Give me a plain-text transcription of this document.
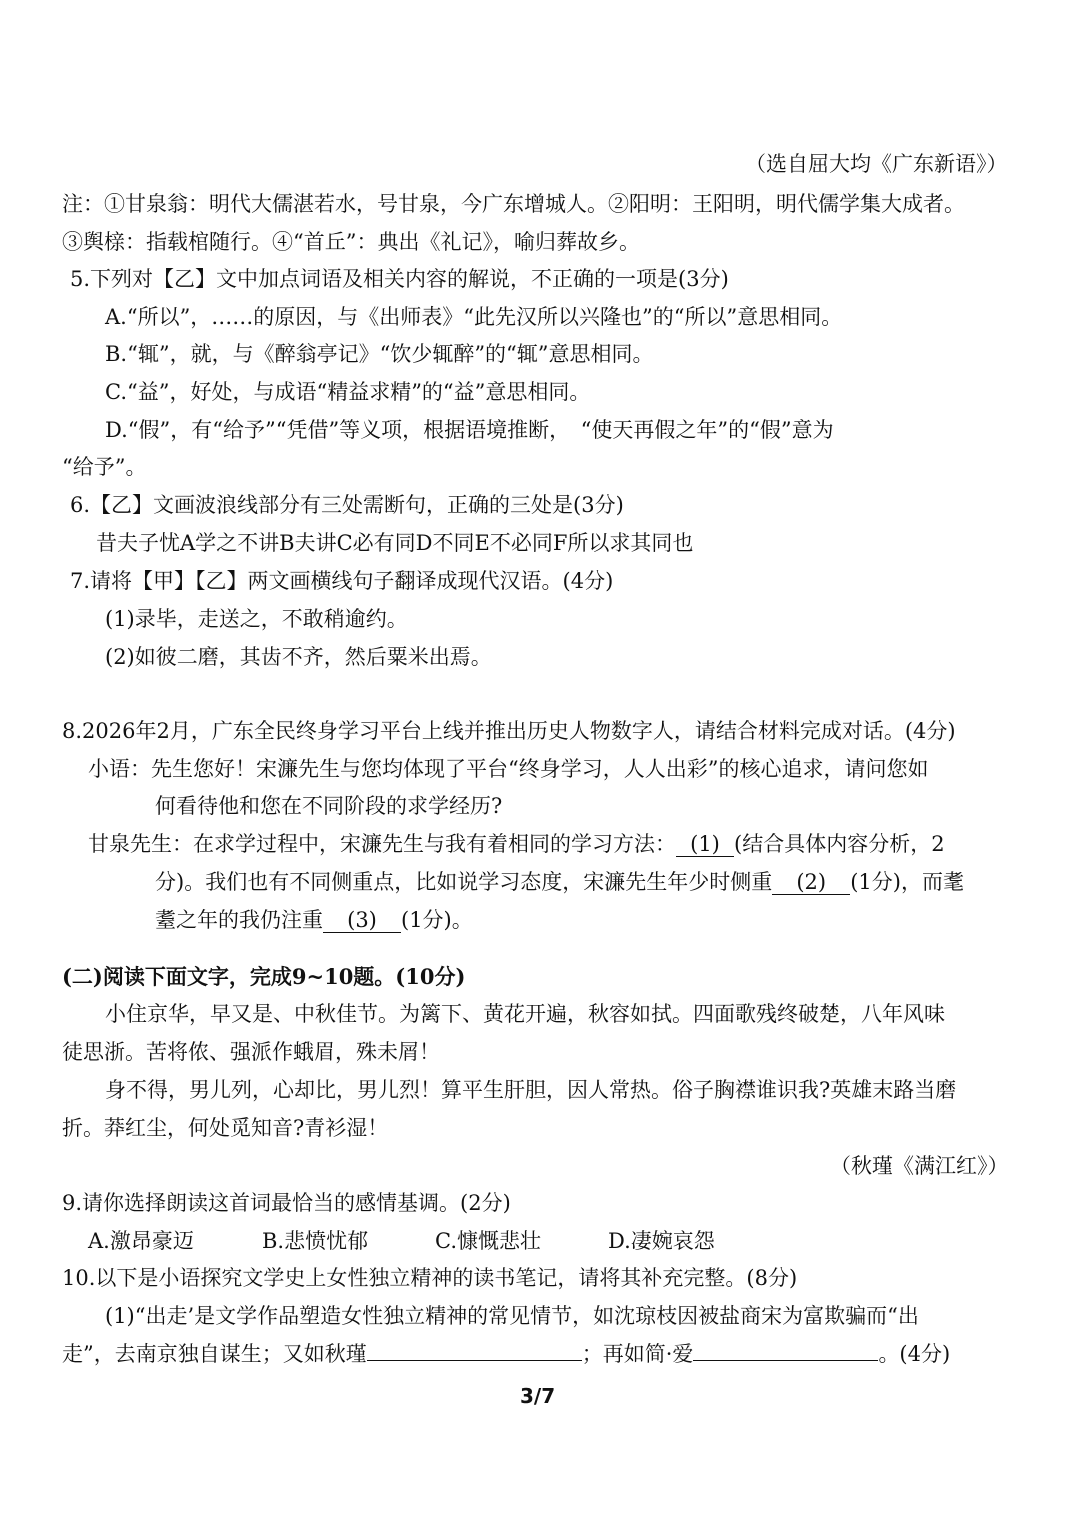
（选自屈大均《广东新语》）
注：①甘泉翁：明代大儒湛若水，号甘泉，今广东增城人。②阳明：王阳明，明代儒学集大成者。
③舆榇：指载棺随行。④“首丘”：典出《礼记》，喻归葬故乡。
5.下列对【乙】文中加点词语及相关内容的解说，不正确的一项是(3分)
A.“所以”，……的原因，与《出师表》“此先汉所以兴隆也”的“所以”意思相同。
B.“辄”，就，与《醉翁亭记》“饮少辄醉”的“辄”意思相同。
C.“益”，好处，与成语“精益求精”的“益”意思相同。
D.“假”，有“给予”“凭借”等义项，根据语境推断，　“使天再假之年”的“假”意为
“给予”。
6.【乙】文画波浪线部分有三处需断句，正确的三处是(3分)
昔夫子忧A学之不讲B夫讲C必有同D不同E不必同F所以求其同也
7.请将【甲】【乙】两文画横线句子翻译成现代汉语。(4分)
(1)录毕，走送之，不敢稍逾约。
(2)如彼二磨，其齿不齐，然后粟米出焉。
8.2026年2月，广东全民终身学习平台上线并推出历史人物数字人，请结合材料完成对话。(4分)
小语：先生您好！宋濂先生与您均体现了平台“终身学习，人人出彩”的核心追求，请问您如
何看待他和您在不同阶段的求学经历?
甘泉先生：在求学过程中，宋濂先生与我有着相同的学习方法： (1) (结合具体内容分析，2
分)。我们也有不同侧重点，比如说学习态度，宋濂先生年少时侧重 (2) (1分)，而耄
耋之年的我仍注重 (3) (1分)。
(二)阅读下面文字，完成9~10题。(10分)
小住京华，早又是、中秋佳节。为篱下、黄花开遍，秋容如拭。四面歌残终破楚，八年风味
徒思浙。苦将侬、强派作蛾眉，殊未屑！
身不得，男儿列，心却比，男儿烈！算平生肝胆，因人常热。俗子胸襟谁识我?英雄末路当磨
折。莽红尘，何处觅知音?青衫湿！
（秋瑾《满江红》）
9.请你选择朗读这首词最恰当的感情基调。(2分)
A.激昂豪迈	B.悲愤忧郁	C.慷慨悲壮	D.凄婉哀怨
10.以下是小语探究文学史上女性独立精神的读书笔记，请将其补充完整。(8分)
(1)“出走’是文学作品塑造女性独立精神的常见情节，如沈琼枝因被盐商宋为富欺骗而“出
走”，去南京独自谋生；又如秋瑾	；再如简·爱	。(4分)
3/7
